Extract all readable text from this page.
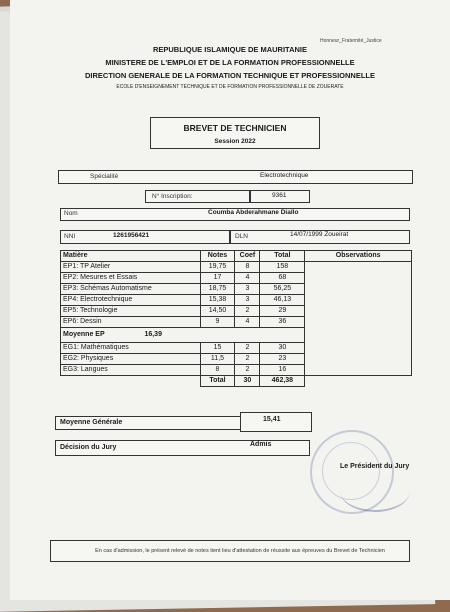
Honneur_Fraternité_Justice
REPUBLIQUE ISLAMIQUE DE MAURITANIE
MINISTERE DE L'EMPLOI ET DE LA FORMATION PROFESSIONNELLE
DIRECTION GENERALE DE LA FORMATION TECHNIQUE ET PROFESSIONNELLE
ECOLE D'ENSEIGNEMENT TECHNIQUE ET DE FORMATION PROFESSIONNELLE DE ZOUERATE
BREVET DE TECHNICIEN
Session 2022
Spécialité	Electrotechnique
N° Inscription:	9361
Nom	Coumba Abderahmane Diallo
NNI	1261956421	DLN	14/07/1999 Zoueirat
Matière	Notes	Coef	Total	Observations
EP1: TP Atelier	19,75	8	158	
EP2: Mesures et Essais	17	4	68	
EP3: Schémas Automatisme	18,75	3	56,25	
EP4: Electrotechnique	15,38	3	46,13	
EP5: Technologie	14,50	2	29	
EP6: Dessin	9	4	36	
Moyenne EP 16,39				
EG1: Mathématiques	15	2	30	
EG2: Physiques	11,5	2	23	
EG3: Langues	8	2	16	
	Total	30	462,38	
Moyenne Générale	15,41
Décision du Jury	Admis
Le Président du Jury
En cas d'admission, le présent relevé de notes tient lieu d'attestation de réussite aux épreuves du Brevet de Technicien
